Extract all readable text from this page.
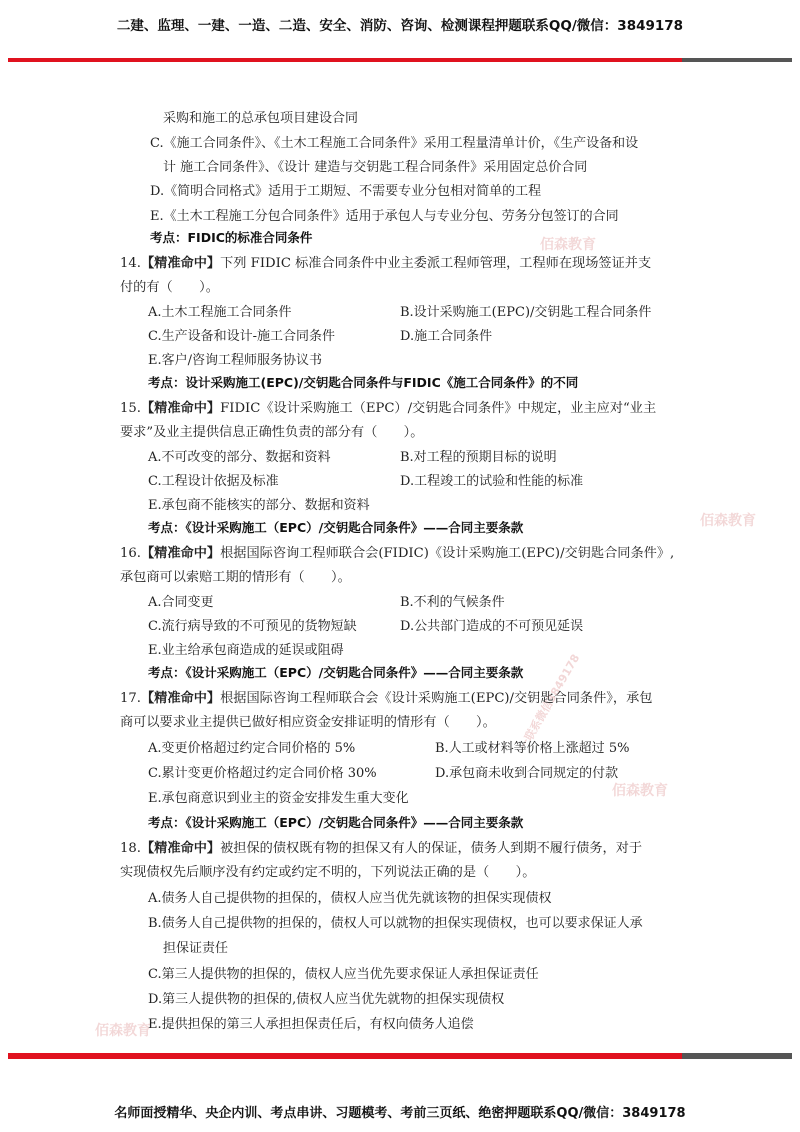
二建、监理、一建、一造、二造、安全、消防、咨询、检测课程押题联系QQ/微信：3849178
佰森教育
佰森教育
佰森教育
佰森教育
一联系微信3849178
采购和施工的总承包项目建设合同
C.《施工合同条件》、《土木工程施工合同条件》采用工程量清单计价，《生产设备和设
计 施工合同条件》、《设计 建造与交钥匙工程合同条件》采用固定总价合同
D.《简明合同格式》适用于工期短、不需要专业分包相对简单的工程
E.《土木工程施工分包合同条件》适用于承包人与专业分包、劳务分包签订的合同
考点：FIDIC的标准合同条件
14.【精准命中】下列 FIDIC 标准合同条件中业主委派工程师管理，工程师在现场签证并支
付的有（　　）。
A.土木工程施工合同条件	B.设计采购施工(EPC)/交钥匙工程合同条件
C.生产设备和设计-施工合同条件	D.施工合同条件
E.客户/咨询工程师服务协议书
考点：设计采购施工(EPC)/交钥匙合同条件与FIDIC《施工合同条件》的不同
15.【精准命中】FIDIC《设计采购施工（EPC）/交钥匙合同条件》中规定，业主应对“业主
要求”及业主提供信息正确性负责的部分有（　　）。
A.不可改变的部分、数据和资料	B.对工程的预期目标的说明
C.工程设计依据及标准	D.工程竣工的试验和性能的标准
E.承包商不能核实的部分、数据和资料
考点：《设计采购施工（EPC）/交钥匙合同条件》——合同主要条款
16.【精准命中】根据国际咨询工程师联合会(FIDIC)《设计采购施工(EPC)/交钥匙合同条件》,
承包商可以索赔工期的情形有（　　）。
A.合同变更	B.不利的气候条件
C.流行病导致的不可预见的货物短缺	D.公共部门造成的不可预见延误
E.业主给承包商造成的延误或阻碍
考点：《设计采购施工（EPC）/交钥匙合同条件》——合同主要条款
17.【精准命中】根据国际咨询工程师联合会《设计采购施工(EPC)/交钥匙合同条件》，承包
商可以要求业主提供已做好相应资金安排证明的情形有（　　）。
A.变更价格超过约定合同价格的 5%	B.人工或材料等价格上涨超过 5%
C.累计变更价格超过约定合同价格 30%	D.承包商未收到合同规定的付款
E.承包商意识到业主的资金安排发生重大变化
考点：《设计采购施工（EPC）/交钥匙合同条件》——合同主要条款
18.【精准命中】被担保的债权既有物的担保又有人的保证，债务人到期不履行债务，对于
实现债权先后顺序没有约定或约定不明的，下列说法正确的是（　　）。
A.债务人自己提供物的担保的，债权人应当优先就该物的担保实现债权
B.债务人自己提供物的担保的，债权人可以就物的担保实现债权，也可以要求保证人承
担保证责任
C.第三人提供物的担保的，债权人应当优先要求保证人承担保证责任
D.第三人提供物的担保的,债权人应当优先就物的担保实现债权
E.提供担保的第三人承担担保责任后，有权向债务人追偿
名师面授精华、央企内训、考点串讲、习题模考、考前三页纸、绝密押题联系QQ/微信：3849178
